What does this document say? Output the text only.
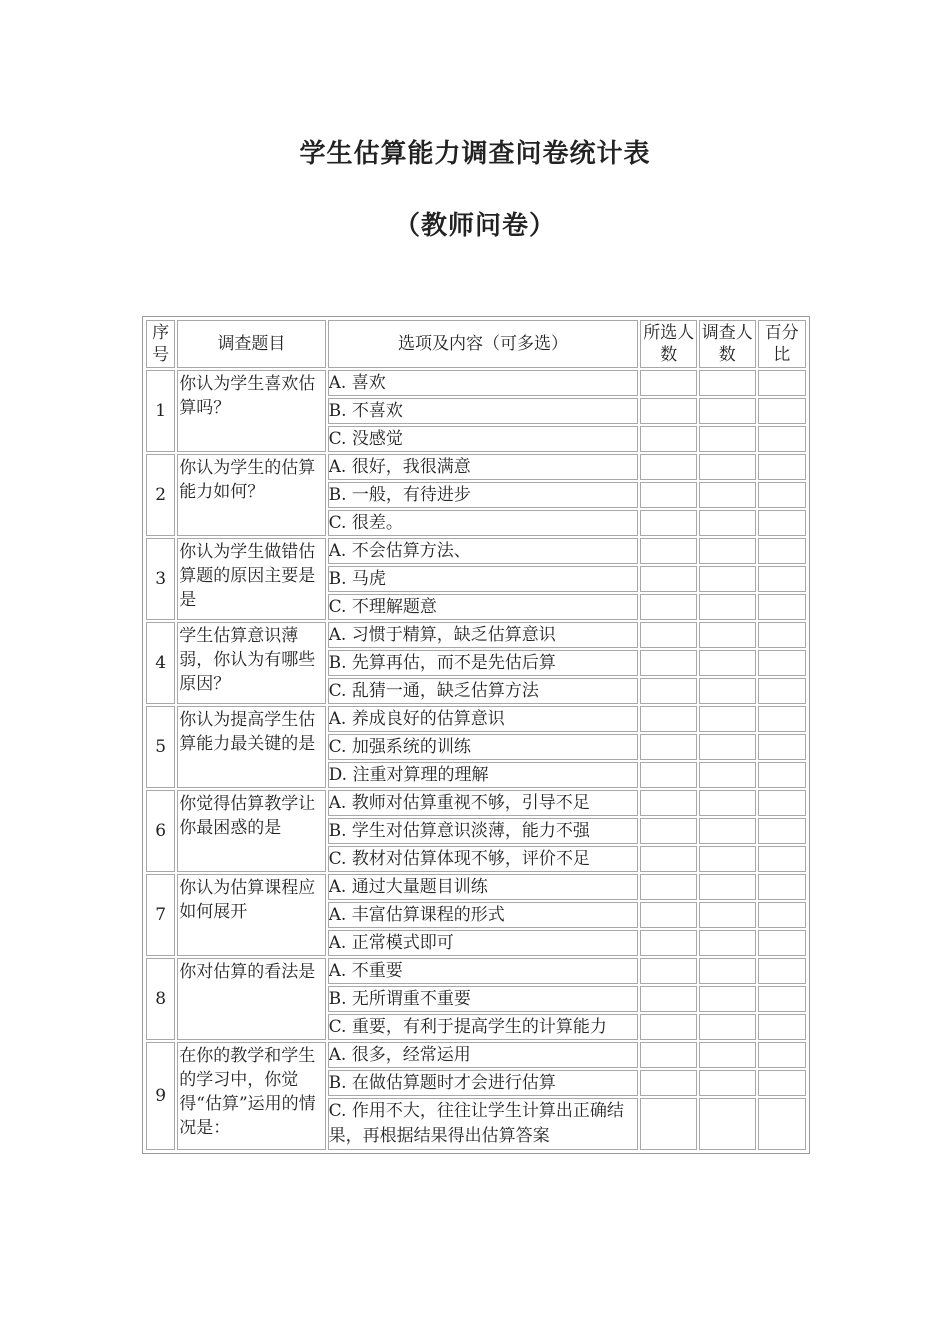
学生估算能力调查问卷统计表
（教师问卷）
序号	调查题目	选项及内容（可多选）	所选人数	调查人数	百分比
1	你认为学生喜欢估算吗？	A. 喜欢			
		B. 不喜欢			
		C. 没感觉			
2	你认为学生的估算能力如何？	A. 很好，我很满意			
		B. 一般，有待进步			
		C. 很差。			
3	你认为学生做错估算题的原因主要是是	A. 不会估算方法、			
		B. 马虎			
		C. 不理解题意			
4	学生估算意识薄弱，你认为有哪些原因？	A. 习惯于精算，缺乏估算意识			
		B. 先算再估，而不是先估后算			
		C. 乱猜一通，缺乏估算方法			
5	你认为提高学生估算能力最关键的是	A. 养成良好的估算意识			
		C. 加强系统的训练			
		D. 注重对算理的理解			
6	你觉得估算教学让你最困惑的是	A. 教师对估算重视不够，引导不足			
		B. 学生对估算意识淡薄，能力不强			
		C. 教材对估算体现不够，评价不足			
7	你认为估算课程应如何展开	A. 通过大量题目训练			
		A. 丰富估算课程的形式			
		A. 正常模式即可			
8	你对估算的看法是	A. 不重要			
		B. 无所谓重不重要			
		C. 重要，有利于提高学生的计算能力			
9	在你的教学和学生的学习中，你觉得“估算”运用的情况是：	A. 很多，经常运用			
		B. 在做估算题时才会进行估算			
		C. 作用不大，往往让学生计算出正确结果，再根据结果得出估算答案			
